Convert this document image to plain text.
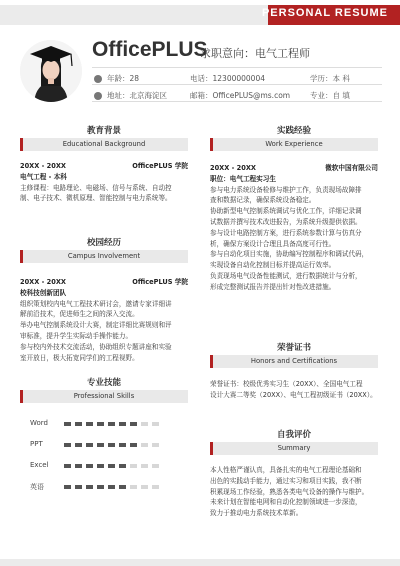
PERSONAL RESUME
OfficePLUS
求职意向：电气工程师
年龄：28	电话：12300000004	学历：本 科
地址：北京海淀区	邮箱：OfficePLUS@ms.com	专业：自 填
教育背景
Educational Background
20XX - 20XX	OfficePLUS 学院
电气工程 - 本科
主修课程：电路理论、电磁场、信号与系统、自动控
制、电子技术、微机原理、智能控制与电力系统等。
校园经历
Campus Involvement
20XX - 20XX	OfficePLUS 学院
校科技创新团队
组织策划校内电气工程技术研讨会，邀请专家详细讲
解前沿技术，促进师生之间的深入交流。
举办电气控制系统设计大赛，制定详细比赛规则和评
审标准，提升学生实际动手操作能力。
参与校内外技术交流活动，协助组织专题讲座和实验
室开放日，极大拓宽同学们的工程视野。
专业技能
Professional Skills
Word
PPT
Excel
英语
实践经验
Work Experience
20XX - 20XX	微软中国有限公司
职位：电气工程实习生
参与电力系统设备检修与维护工作，负责现场故障排
查和数据记录，确保系统设备稳定。
协助新型电气控制系统调试与优化工作，详细记录调
试数据并撰写技术改进报告，为系统升级提供依据。
参与设计电路控制方案，进行系统参数计算与仿真分
析，确保方案设计合理且具备高度可行性。
参与自动化项目实施，协助编写控制程序和调试代码，
实现设备自动化控制目标并提高运行效率。
负责现场电气设备性能测试，进行数据统计与分析，
形成完整测试报告并提出针对性改进措施。
荣誉证书
Honors and Certifications
荣誉证书：校级优秀实习生（20XX）、全国电气工程
设计大赛二等奖（20XX）、电气工程初级证书（20XX）。
自我评价
Summary
本人性格严谨认真，具备扎实的电气工程理论基础和
出色的实践动手能力，通过实习和项目实践，我不断
积累现场工作经验，熟悉各类电气设备的操作与维护。
未来计划在智能电网和自动化控制领域进一步深造，
致力于推动电力系统技术革新。
